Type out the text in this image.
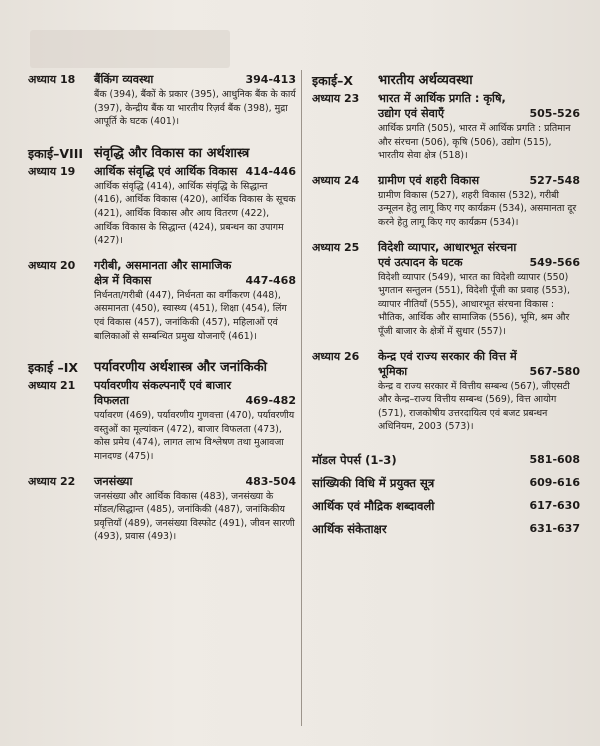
अध्याय 18	बैंकिंग व्यवस्था	394-413
बैंक (394), बैंकों के प्रकार (395), आधुनिक बैंक के कार्य (397), केन्द्रीय बैंक या भारतीय रिज़र्व बैंक (398), मुद्रा आपूर्ति के घटक (401)।
इकाई–VIII संवृद्धि और विकास का अर्थशास्त्र
अध्याय 19	आर्थिक संवृद्धि एवं आर्थिक विकास 414-446
आर्थिक संवृद्धि (414), आर्थिक संवृद्धि के सिद्धान्त (416), आर्थिक विकास (420), आर्थिक विकास के सूचक (421), आर्थिक विकास और आय वितरण (422), आर्थिक विकास के सिद्धान्त (424), प्रबन्धन का उपागम (427)।
अध्याय 20	गरीबी, असमानता और सामाजिक क्षेत्र में विकास	447-468
निर्धनता/गरीबी (447), निर्धनता का वर्गीकरण (448), असमानता (450), स्वास्थ्य (451), शिक्षा (454), लिंग एवं विकास (457), जनांकिकी (457), महिलाओं एवं बालिकाओं से सम्बन्धित प्रमुख योजनाएँ (461)।
इकाई –IX	पर्यावरणीय अर्थशास्त्र और जनांकिकी
अध्याय 21	पर्यावरणीय संकल्पनाएँ एवं बाजार विफलता	469-482
पर्यावरण (469), पर्यावरणीय गुणवत्ता (470), पर्यावरणीय वस्तुओं का मूल्यांकन (472), बाजार विफलता (473), कोस प्रमेय (474), लागत लाभ विश्लेषण तथा मुआवजा मानदण्ड (475)।
अध्याय 22	जनसंख्या	483-504
जनसंख्या और आर्थिक विकास (483), जनसंख्या के मॉडल/सिद्धान्त (485), जनांकिकी (487), जनांकिकीय प्रवृत्तियाँ (489), जनसंख्या विस्फोट (491), जीवन सारणी (493), प्रवास (493)।
इकाई–X	भारतीय अर्थव्यवस्था
अध्याय 23	भारत में आर्थिक प्रगति : कृषि, उद्योग एवं सेवाएँ	505-526
आर्थिक प्रगति (505), भारत में आर्थिक प्रगति : प्रतिमान और संरचना (506), कृषि (506), उद्योग (515), भारतीय सेवा क्षेत्र (518)।
अध्याय 24	ग्रामीण एवं शहरी विकास	527-548
ग्रामीण विकास (527), शहरी विकास (532), गरीबी उन्मूलन हेतु लागू किए गए कार्यक्रम (534), असमानता दूर करने हेतु लागू किए गए कार्यक्रम (534)।
अध्याय 25	विदेशी व्यापार, आधारभूत संरचना एवं उत्पादन के घटक	549-566
विदेशी व्यापार (549), भारत का विदेशी व्यापार (550) भुगतान सन्तुलन (551), विदेशी पूँजी का प्रवाह (553), व्यापार नीतियाँ (555), आधारभूत संरचना विकास : भौतिक, आर्थिक और सामाजिक (556), भूमि, श्रम और पूँजी बाजार के क्षेत्रों में सुधार (557)।
अध्याय 26	केन्द्र एवं राज्य सरकार की वित्त में भूमिका	567-580
केन्द्र व राज्य सरकार में वित्तीय सम्बन्ध (567), जीएसटी और केन्द्र–राज्य वित्तीय सम्बन्ध (569), वित्त आयोग (571), राजकोषीय उत्तरदायित्व एवं बजट प्रबन्धन अधिनियम, 2003 (573)।
मॉडल पेपर्स (1-3)	581-608
सांख्यिकी विधि में प्रयुक्त सूत्र	609-616
आर्थिक एवं मौद्रिक शब्दावली	617-630
आर्थिक संकेताक्षर	631-637
